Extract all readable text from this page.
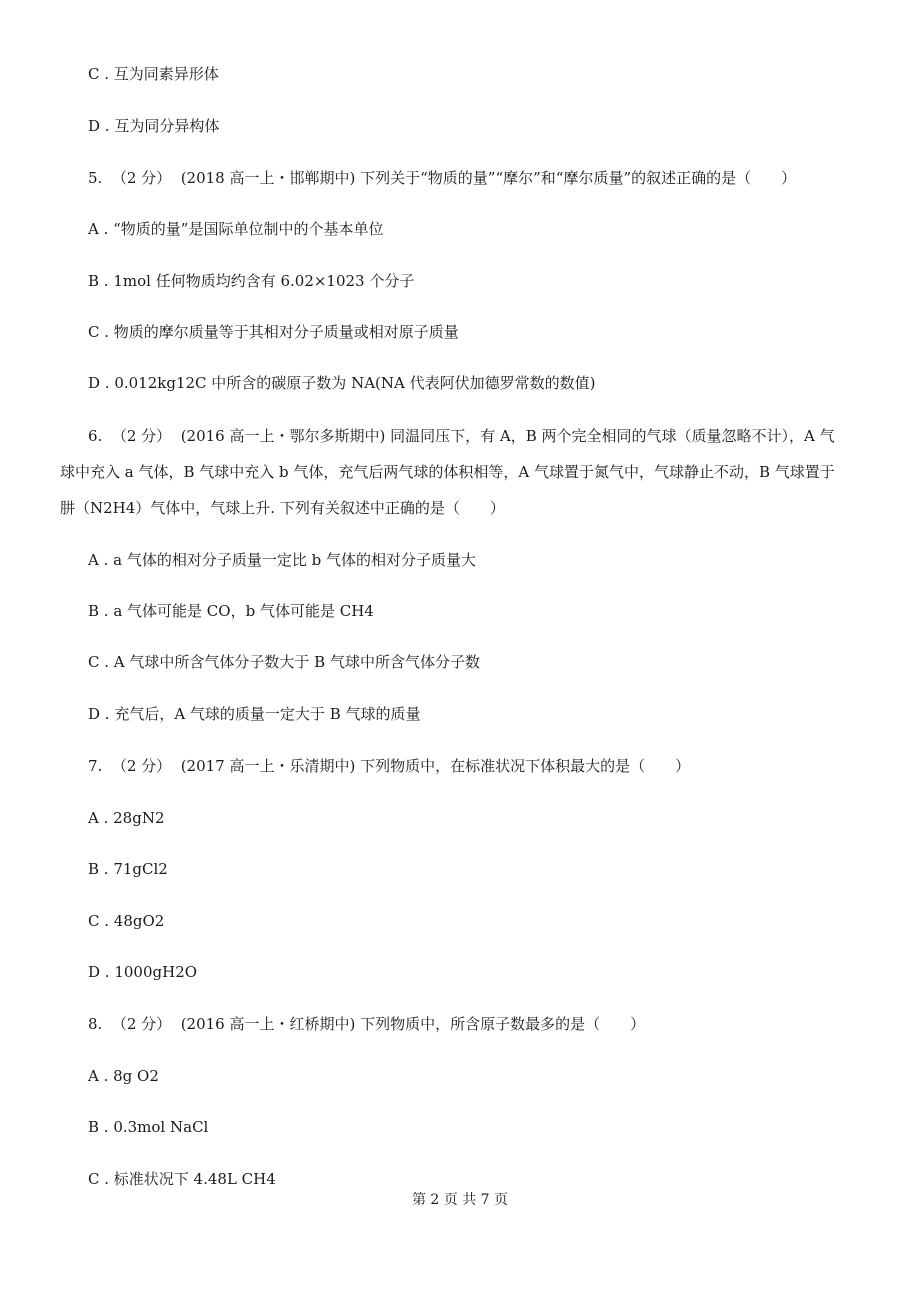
C . 互为同素异形体
D . 互为同分异构体
5.  （2 分）  (2018 高一上・邯郸期中) 下列关于“物质的量”“摩尔”和“摩尔质量”的叙述正确的是（　　）
A . “物质的量”是国际单位制中的个基本单位
B . 1mol 任何物质均约含有 6.02×1023 个分子
C . 物质的摩尔质量等于其相对分子质量或相对原子质量
D . 0.012kg12C 中所含的碳原子数为 NA(NA 代表阿伏加德罗常数的数值)
6.  （2 分）  (2016 高一上・鄂尔多斯期中) 同温同压下，有 A，B 两个完全相同的气球（质量忽略不计），A 气
球中充入 a 气体，B 气球中充入 b 气体，充气后两气球的体积相等，A 气球置于氮气中，气球静止不动，B 气球置于
肼（N2H4）气体中，气球上升. 下列有关叙述中正确的是（　　）
A . a 气体的相对分子质量一定比 b 气体的相对分子质量大
B . a 气体可能是 CO，b 气体可能是 CH4
C . A 气球中所含气体分子数大于 B 气球中所含气体分子数
D . 充气后，A 气球的质量一定大于 B 气球的质量
7.  （2 分）  (2017 高一上・乐清期中) 下列物质中，在标准状况下体积最大的是（　　）
A . 28gN2
B . 71gCl2
C . 48gO2
D . 1000gH2O
8.  （2 分）  (2016 高一上・红桥期中) 下列物质中，所含原子数最多的是（　　）
A . 8g O2
B . 0.3mol NaCl
C . 标准状况下 4.48L CH4
第 2 页 共 7 页
